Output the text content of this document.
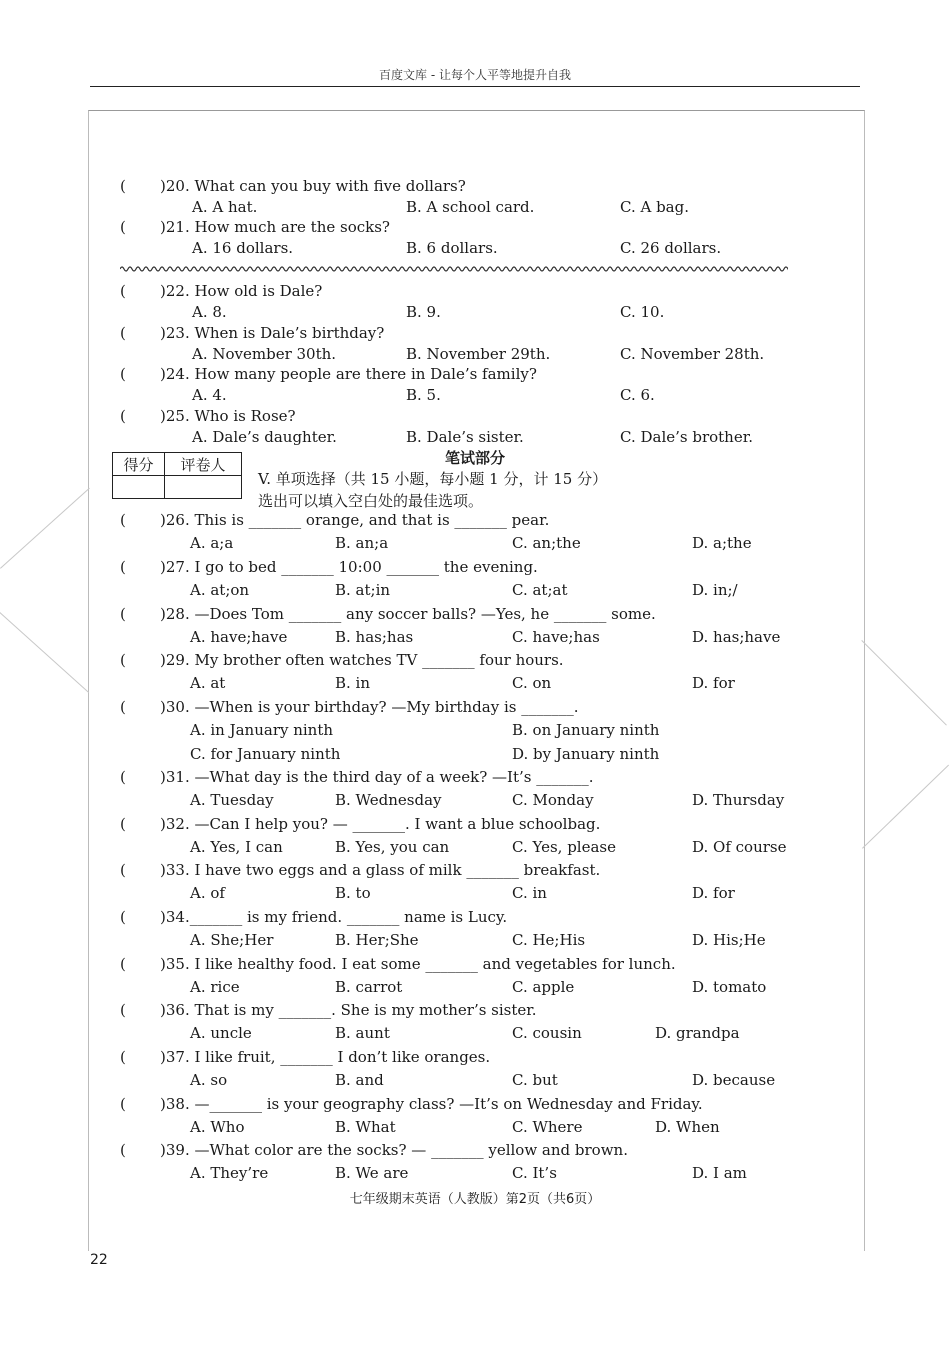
百度文库 - 让每个人平等地提升自我
( )20. What can you buy with five dollars?
A. A hat.	B. A school card.	C. A bag.
( )21. How much are the socks?
A. 16 dollars.	B. 6 dollars.	C. 26 dollars.
( )22. How old is Dale?
A. 8.	B. 9.	C. 10.
( )23. When is Dale’s birthday?
A. November 30th.	B. November 29th.	C. November 28th.
( )24. How many people are there in Dale’s family?
A. 4.	B. 5.	C. 6.
( )25. Who is Rose?
A. Dale’s daughter.	B. Dale’s sister.	C. Dale’s brother.
得分	评卷人
		笔试部分
V. 单项选择（共 15 小题，每小题 1 分，计 15 分）
选出可以填入空白处的最佳选项。
( )26. This is _______ orange, and that is _______ pear.
A. a;a	B. an;a	C. an;the	D. a;the
( )27. I go to bed _______ 10:00 _______ the evening.
A. at;on	B. at;in	C. at;at	D. in;/
( )28. —Does Tom _______ any soccer balls? —Yes, he _______ some.
A. have;have	B. has;has	C. have;has	D. has;have
( )29. My brother often watches TV _______ four hours.
A. at	B. in	C. on	D. for
( )30. —When is your birthday? —My birthday is _______.
A. in January ninth	B. on January ninth
C. for January ninth	D. by January ninth
( )31. —What day is the third day of a week? —It’s _______.
A. Tuesday	B. Wednesday	C. Monday	D. Thursday
( )32. —Can I help you? — _______. I want a blue schoolbag.
A. Yes, I can	B. Yes, you can	C. Yes, please	D. Of course
( )33. I have two eggs and a glass of milk _______ breakfast.
A. of	B. to	C. in	D. for
( )34._______ is my friend. _______ name is Lucy.
A. She;Her	B. Her;She	C. He;His	D. His;He
( )35. I like healthy food. I eat some _______ and vegetables for lunch.
A. rice	B. carrot	C. apple	D. tomato
( )36. That is my _______. She is my mother’s sister.
A. uncle	B. aunt	C. cousin	D. grandpa
( )37. I like fruit, _______ I don’t like oranges.
A. so	B. and	C. but	D. because
( )38. —_______ is your geography class? —It’s on Wednesday and Friday.
A. Who	B. What	C. Where	D. When
( )39. —What color are the socks? — _______ yellow and brown.
A. They’re	B. We are	C. It’s	D. I am
七年级期末英语（人教版）第2页（共6页）
22
